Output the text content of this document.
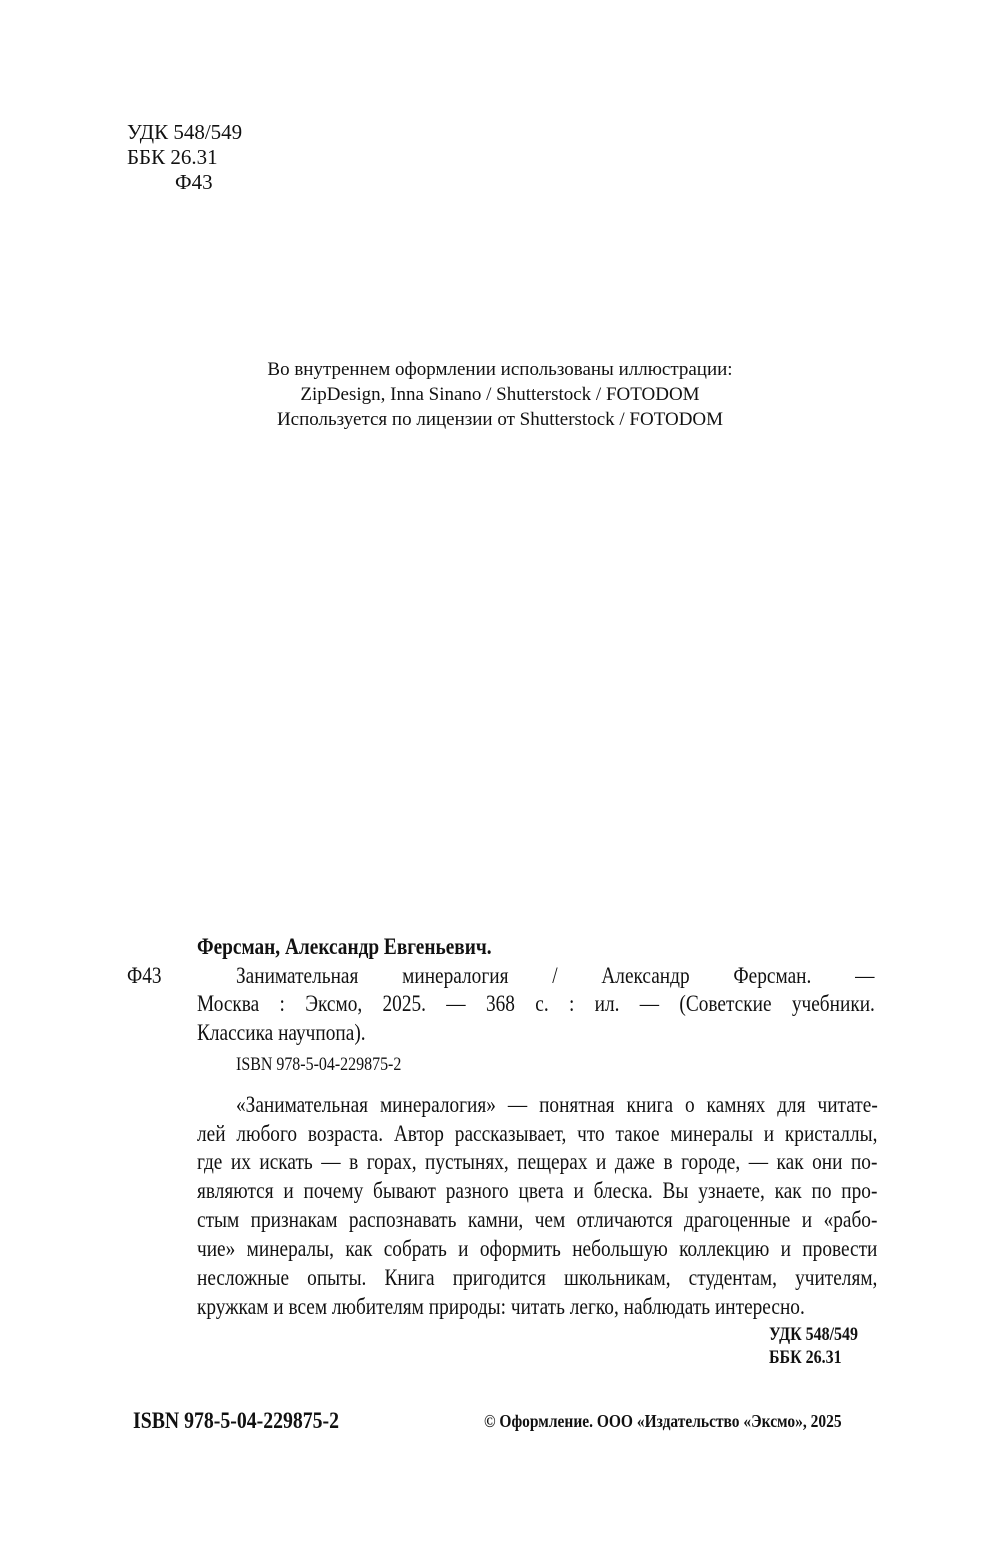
УДК 548/549
ББК 26.31
Ф43
Во внутреннем оформлении использованы иллюстрации:
ZipDesign, Inna Sinano / Shutterstock / FOTODOM
Используется по лицензии от Shutterstock / FOTODOM
Ферсман, Александр Евгеньевич.
Ф43	Занимательная минералогия / Александр Ферсман. —
Москва : Эксмо, 2025. — 368 с. : ил. — (Советские учебники.
Классика научпопа).
ISBN 978-5-04-229875-2
«Занимательная минералогия» — понятная книга о камнях для читате-
лей любого возраста. Автор рассказывает, что такое минералы и кристаллы,
где их искать — в горах, пустынях, пещерах и даже в городе, — как они по-
являются и почему бывают разного цвета и блеска. Вы узнаете, как по про-
стым признакам распознавать камни, чем отличаются драгоценные и «рабо-
чие» минералы, как собрать и оформить небольшую коллекцию и провести
несложные опыты. Книга пригодится школьникам, студентам, учителям,
кружкам и всем любителям природы: читать легко, наблюдать интересно.
УДК 548/549
ББК 26.31
ISBN 978-5-04-229875-2	© Оформление. ООО «Издательство «Эксмо», 2025
